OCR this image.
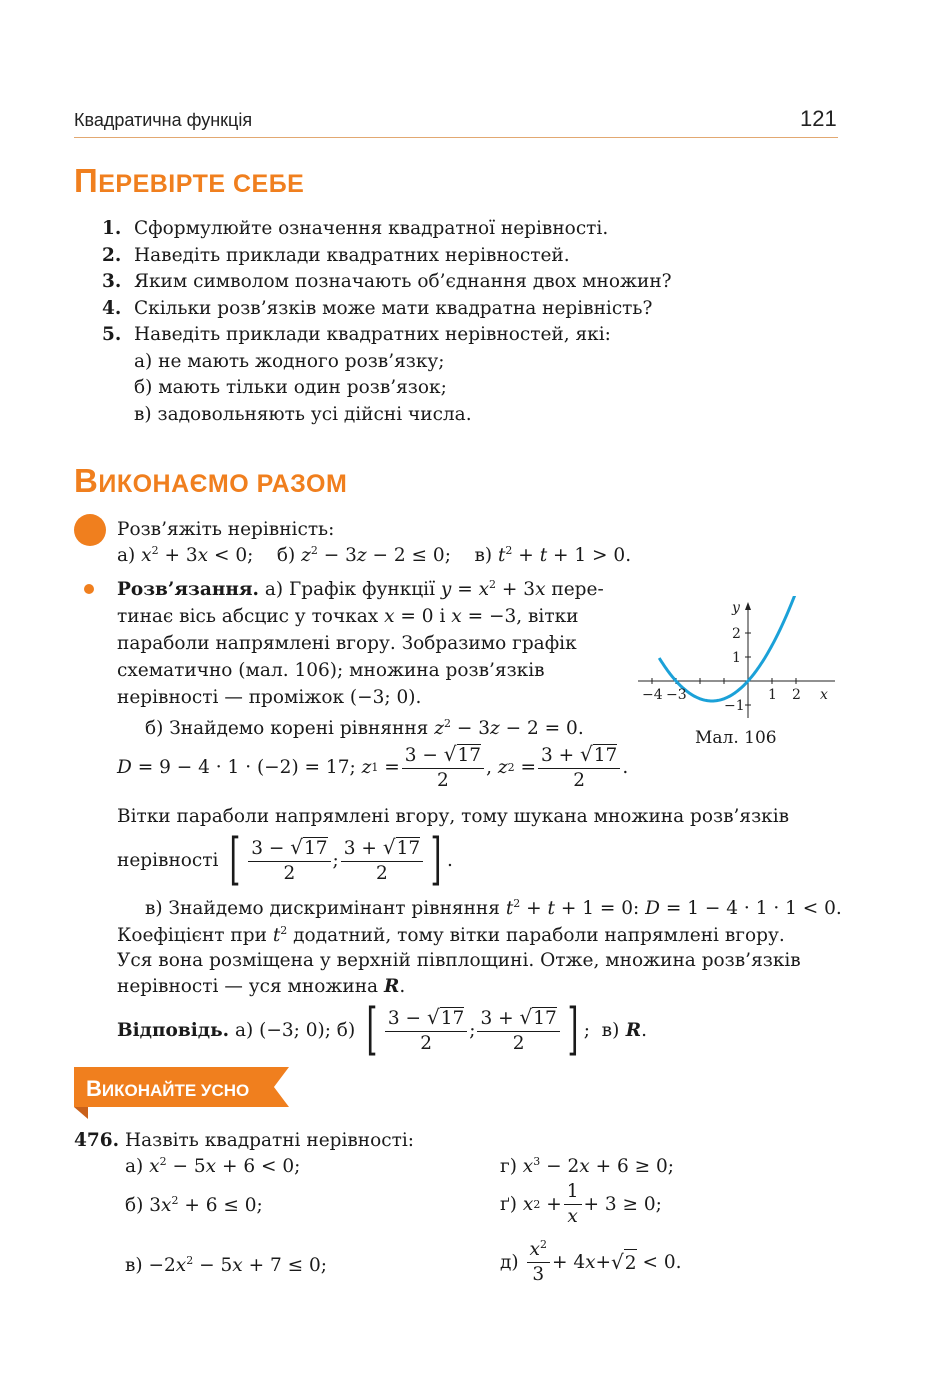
Квадратична функція	121
ПЕРЕВІРТЕ СЕБЕ
1. Сформулюйте означення квадратної нерівності.
2. Наведіть приклади квадратних нерівностей.
3. Яким символом позначають об’єднання двох множин?
4. Скільки розв’язків може мати квадратна нерівність?
5. Наведіть приклади квадратних нерівностей, які:
а) не мають жодного розв’язку;
б) мають тільки один розв’язок;
в) задовольняють усі дійсні числа.
ВИКОНАЄМО РАЗОМ
Розв’яжіть нерівність:
а) $x^2 + 3x < 0$;    б) $z^2 - 3z - 2 \le 0$;    в) $t^2 + t + 1 > 0$.
Розв’язання. а) Графік функції $y = x^2 + 3x$ пере-
тинає вісь абсцис у точках x = 0 і x = −3, вітки
параболи напрямлені вгору. Зобразимо графік
схематично (мал. 106); множина розв’язків
нерівності — проміжок (−3; 0).	−4 −3	1 2
2
1
−1
x
y
Мал. 106
б) Знайдемо корені рівняння $z^2 - 3z - 2 = 0$.
D = 9 − 4 · 1 · (−2) = 17; z $1 = \frac{3 - √17}{2}$ , z $2 = \frac{3 + √17}{2}$ .
Вітки параболи напрямлені вгору, тому шукана множина розв’язків
нерівності
[ $\frac{3 - √17}{2}$ ; $\frac{3 + √17}{2}$ ] .
в) Знайдемо дискримінант рівняння $t^2 + t + 1 = 0$: D = 1 − 4 · 1 · 1 < 0.
Коефіцієнт при $t^2$ додатний, тому вітки параболи напрямлені вгору.
Уся вона розміщена у верхній півплощині. Отже, множина розв’язків
нерівності — уся множина R.
Відповідь. а) (−3; 0); б) [ $\frac{3 - √17}{2}$ ; $\frac{3 + √17}{2}$ ] ;  в) R .
ВИКОНАЙТЕ УСНО
476. Назвіть квадратні нерівності:
а) $x^2 - 5x + 6 < 0$;	г) $x^3 - 2x + 6 \ge 0$;
б) $3x^2 + 6 \le 0$;	ґ) x $2 + \frac{1}{x} + 3 \ge 0$;
$в) -2x^2 - 5x + 7 \le 0$;	$д) \frac{x^2}{3} + 4$ x + √ 2 < 0.
